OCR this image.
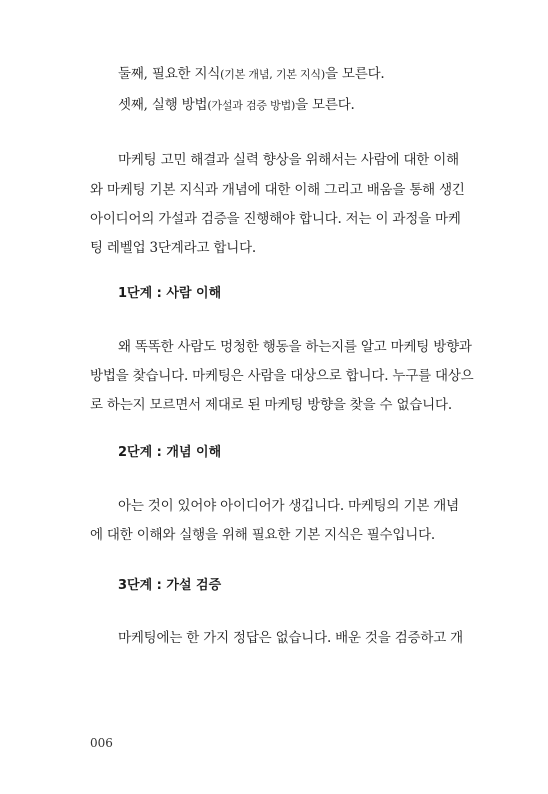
둘째, 필요한 지식(기본 개념, 기본 지식)을 모른다.
셋째, 실행 방법(가설과 검증 방법)을 모른다.
마케팅 고민 해결과 실력 향상을 위해서는 사람에 대한 이해
와 마케팅 기본 지식과 개념에 대한 이해 그리고 배움을 통해 생긴
아이디어의 가설과 검증을 진행해야 합니다. 저는 이 과정을 마케
팅 레벨업 3단계라고 합니다.
1단계 : 사람 이해
왜 똑똑한 사람도 멍청한 행동을 하는지를 알고 마케팅 방향과
방법을 찾습니다. 마케팅은 사람을 대상으로 합니다. 누구를 대상으
로 하는지 모르면서 제대로 된 마케팅 방향을 찾을 수 없습니다.
2단계 : 개념 이해
아는 것이 있어야 아이디어가 생깁니다. 마케팅의 기본 개념
에 대한 이해와 실행을 위해 필요한 기본 지식은 필수입니다.
3단계 : 가설 검증
마케팅에는 한 가지 정답은 없습니다. 배운 것을 검증하고 개
006
